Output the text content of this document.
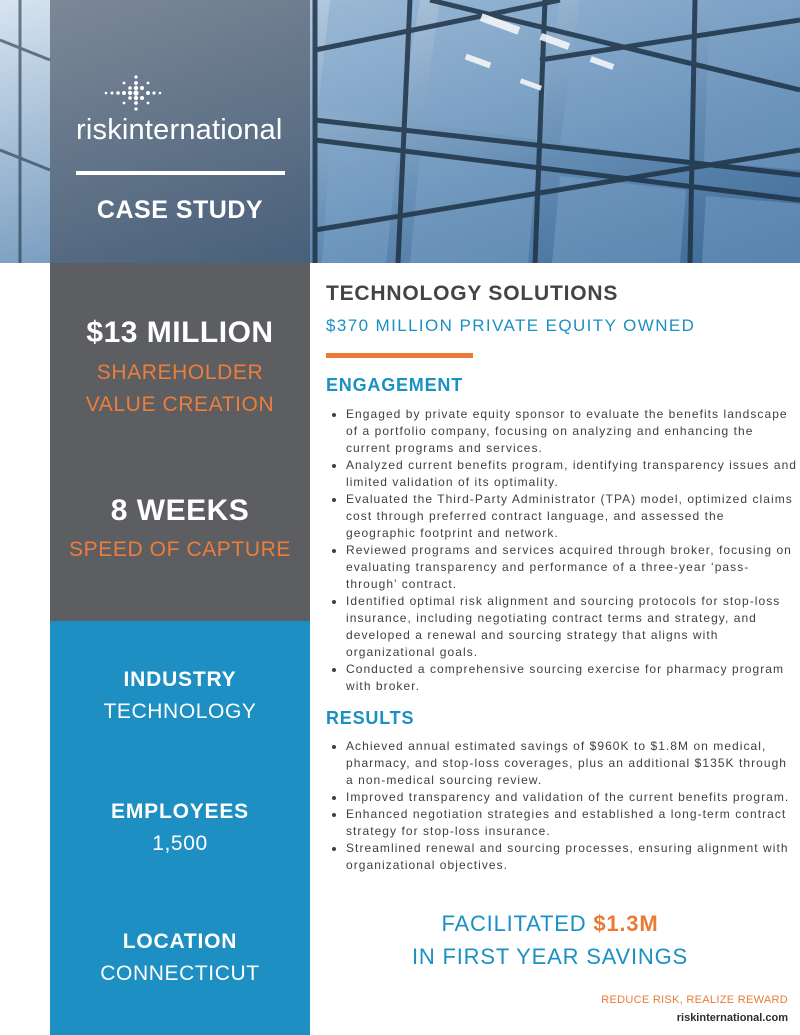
riskinternational
CASE STUDY
$13 MILLION
SHAREHOLDER
VALUE CREATION
8 WEEKS
SPEED OF CAPTURE
INDUSTRY
TECHNOLOGY
EMPLOYEES
1,500
LOCATION
CONNECTICUT
TECHNOLOGY SOLUTIONS
$370 MILLION PRIVATE EQUITY OWNED
ENGAGEMENT
• Engaged by private equity sponsor to evaluate the benefits landscape of a portfolio company, focusing on analyzing and enhancing the current programs and services.
• Analyzed current benefits program, identifying transparency issues and limited validation of its optimality.
• Evaluated the Third-Party Administrator (TPA) model, optimized claims cost through preferred contract language, and assessed the geographic footprint and network.
• Reviewed programs and services acquired through broker, focusing on evaluating transparency and performance of a three-year ‘pass-through’ contract.
• Identified optimal risk alignment and sourcing protocols for stop-loss insurance, including negotiating contract terms and strategy, and developed a renewal and sourcing strategy that aligns with organizational goals.
• Conducted a comprehensive sourcing exercise for pharmacy program with broker.
RESULTS
• Achieved annual estimated savings of $960K to $1.8M on medical, pharmacy, and stop-loss coverages, plus an additional $135K through a non-medical sourcing review.
• Improved transparency and validation of the current benefits program.
• Enhanced negotiation strategies and established a long-term contract strategy for stop-loss insurance.
• Streamlined renewal and sourcing processes, ensuring alignment with organizational objectives.
FACILITATED $1.3M
IN FIRST YEAR SAVINGS
REDUCE RISK, REALIZE REWARD
riskinternational.com
